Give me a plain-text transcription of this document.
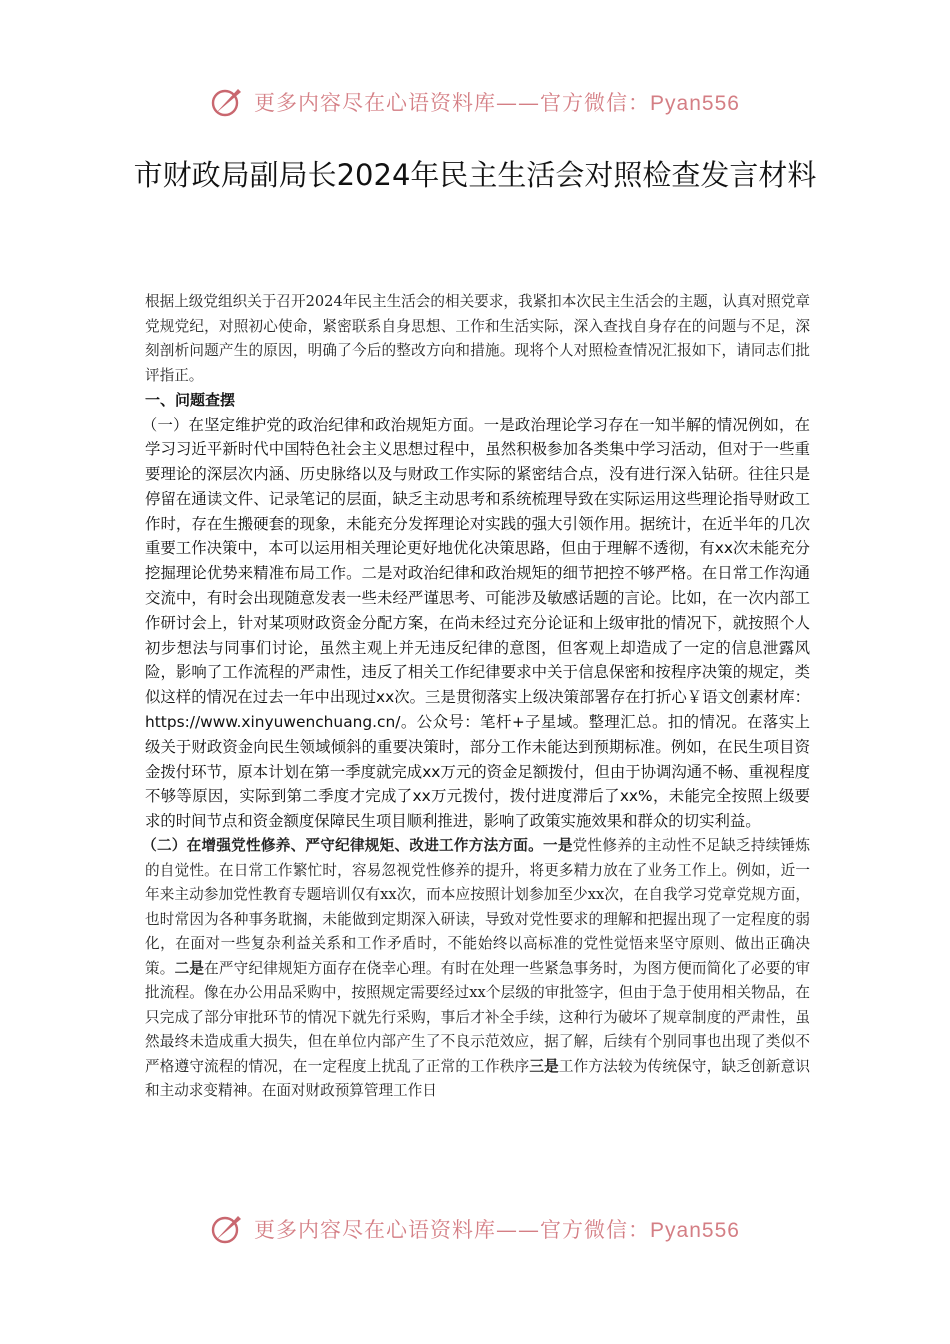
更多内容尽在心语资料库——官方微信：Pyan556
市财政局副局长2024年民主生活会对照检查发言材料

根据上级党组织关于召开2024年民主生活会的相关要求，我紧扣本次民主生活会的主题，认真对照党章党规党纪，对照初心使命，紧密联系自身思想、工作和生活实际，深入查找自身存在的问题与不足，深刻剖析问题产生的原因，明确了今后的整改方向和措施。现将个人对照检查情况汇报如下，请同志们批评指正。

一、问题查摆

（一）在坚定维护党的政治纪律和政治规矩方面。一是政治理论学习存在一知半解的情况例如，在学习习近平新时代中国特色社会主义思想过程中，虽然积极参加各类集中学习活动，但对于一些重要理论的深层次内涵、历史脉络以及与财政工作实际的紧密结合点，没有进行深入钻研。往往只是停留在通读文件、记录笔记的层面，缺乏主动思考和系统梳理导致在实际运用这些理论指导财政工作时，存在生搬硬套的现象，未能充分发挥理论对实践的强大引领作用。据统计，在近半年的几次重要工作决策中，本可以运用相关理论更好地优化决策思路，但由于理解不透彻，有xx次未能充分挖掘理论优势来精准布局工作。二是对政治纪律和政治规矩的细节把控不够严格。在日常工作沟通交流中，有时会出现随意发表一些未经严谨思考、可能涉及敏感话题的言论。比如，在一次内部工作研讨会上，针对某项财政资金分配方案，在尚未经过充分论证和上级审批的情况下，就按照个人初步想法与同事们讨论，虽然主观上并无违反纪律的意图，但客观上却造成了一定的信息泄露风险，影响了工作流程的严肃性，违反了相关工作纪律要求中关于信息保密和按程序决策的规定，类似这样的情况在过去一年中出现过xx次。三是贯彻落实上级决策部署存在打折心￥语文创素材库：https://www.xinyuwenchuang.cn/。公众号：笔杆+子星域。整理汇总。扣的情况。在落实上级关于财政资金向民生领域倾斜的重要决策时，部分工作未能达到预期标准。例如，在民生项目资金拨付环节，原本计划在第一季度就完成xx万元的资金足额拨付，但由于协调沟通不畅、重视程度不够等原因，实际到第二季度才完成了xx万元拨付，拨付进度滞后了xx%，未能完全按照上级要求的时间节点和资金额度保障民生项目顺利推进，影响了政策实施效果和群众的切实利益。

（二）在增强党性修养、严守纪律规矩、改进工作方法方面。一是党性修养的主动性不足缺乏持续锤炼的自觉性。在日常工作繁忙时，容易忽视党性修养的提升，将更多精力放在了业务工作上。例如，近一年来主动参加党性教育专题培训仅有xx次，而本应按照计划参加至少xx次，在自我学习党章党规方面，也时常因为各种事务耽搁，未能做到定期深入研读，导致对党性要求的理解和把握出现了一定程度的弱化，在面对一些复杂利益关系和工作矛盾时，不能始终以高标准的党性觉悟来坚守原则、做出正确决策。二是在严守纪律规矩方面存在侥幸心理。有时在处理一些紧急事务时，为图方便而简化了必要的审批流程。像在办公用品采购中，按照规定需要经过xx个层级的审批签字，但由于急于使用相关物品，在只完成了部分审批环节的情况下就先行采购，事后才补全手续，这种行为破坏了规章制度的严肃性，虽然最终未造成重大损失，但在单位内部产生了不良示范效应，据了解，后续有个别同事也出现了类似不严格遵守流程的情况，在一定程度上扰乱了正常的工作秩序三是工作方法较为传统保守，缺乏创新意识和主动求变精神。在面对财政预算管理工作日

更多内容尽在心语资料库——官方微信：Pyan556
